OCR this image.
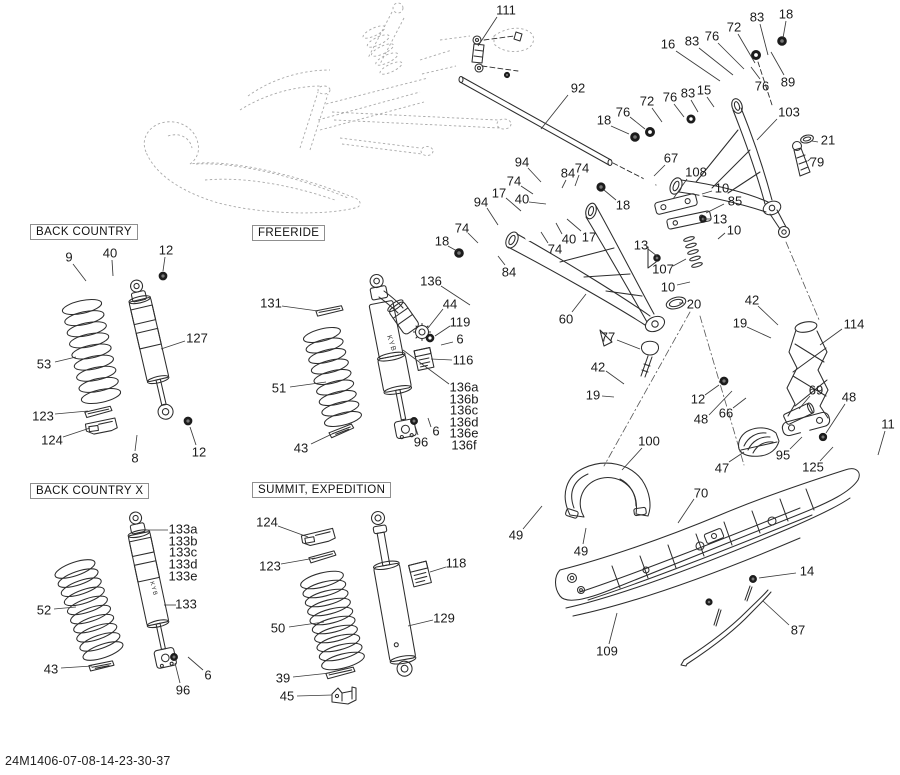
KYB
KYB
111
92
16 83 76
72
83 18
76 89
76
72 76 83 15
18
103
21
79
94
74
84 74
17 40
94	18
74
18
84
17
40
74
67
108
10
85
13
10
13
107
10
20
60
77
42
19
42
19	114
136
44
119
6
116
136a
136b
136c
136d
136e
136f
96
6
131
51
43
9 40	12
53
127
123
124
8	12
133a
133b
133c
133d
133e
133
52
43	6
96
124
123
50
39
45
118
129
100
49
49
70
47
95
125
12
48 66
69 48
11
14
87
109
BACK COUNTRY	FREERIDE
BACK COUNTRY X	SUMMIT, EXPEDITION
24M1406-07-08-14-23-30-37
